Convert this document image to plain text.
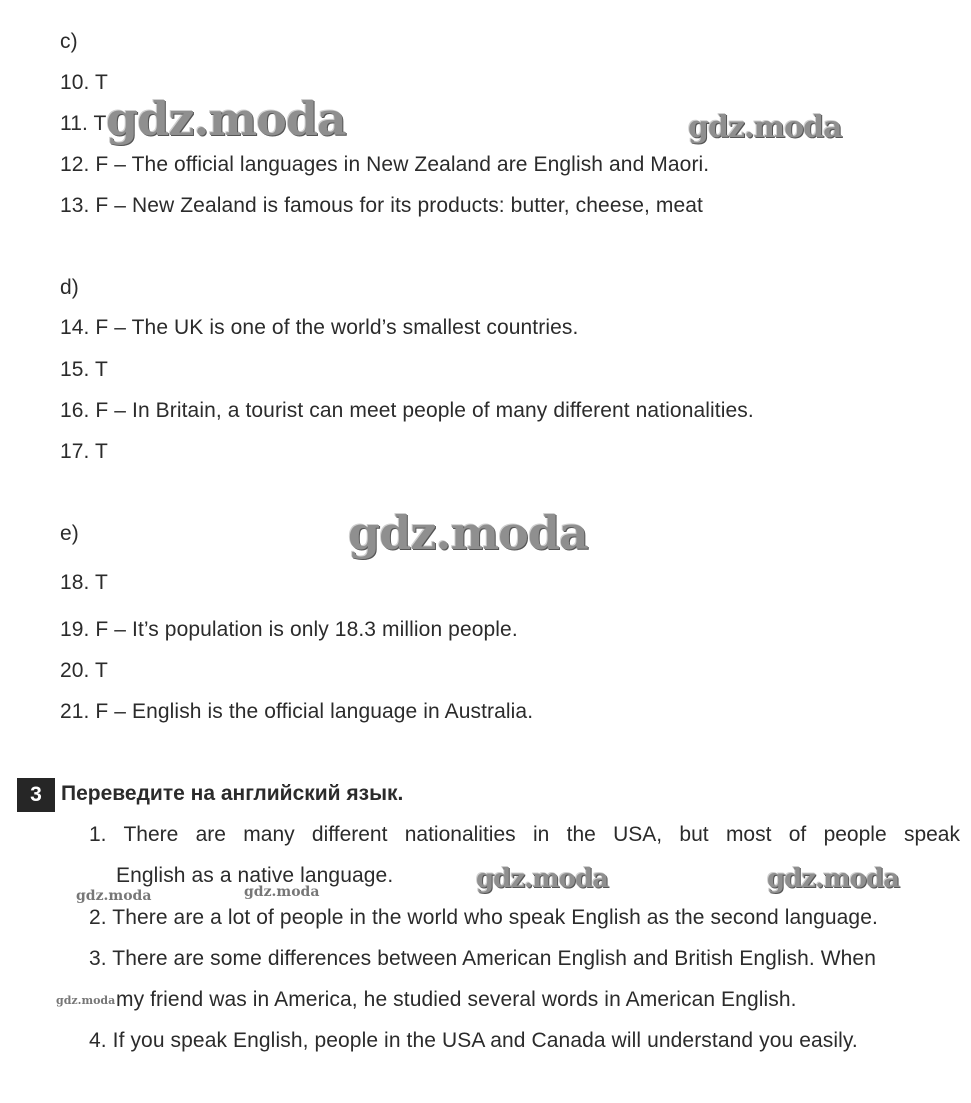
c)
10. T
11. T
12. F – The official languages in New Zealand are English and Maori.
13. F – New Zealand is famous for its products: butter, cheese, meat
d)
14. F – The UK is one of the world’s smallest countries.
15. T
16. F – In Britain, a tourist can meet people of many different nationalities.
17. T
e)
18. T
19. F – It’s population is only 18.3 million people.
20. T
21. F – English is the official language in Australia.
3 Переведите на английский язык.
1. There are many different nationalities in the USA, but most of people speak
English as a native language.
2. There are a lot of people in the world who speak English as the second language.
3. There are some differences between American English and British English. When
my friend was in America, he studied several words in American English.
4. If you speak English, people in the USA and Canada will understand you easily.
gdz.moda	gdz.moda
gdz.moda
gdz.moda	gdz.moda
gdz.moda	gdz.moda
gdz.moda
